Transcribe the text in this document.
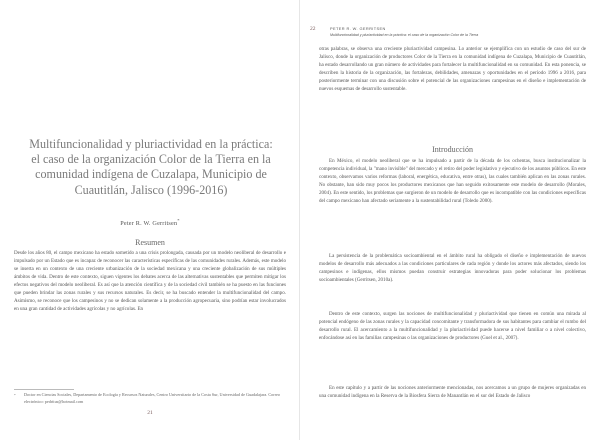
Multifuncionalidad y pluriactividad en la práctica: el caso de la organización Color de la Tierra en la comunidad indígena de Cuzalapa, Municipio de Cuautitlán, Jalisco (1996-2016)
Peter R. W. Gerritsen*
Resumen

Desde los años 80, el campo mexicano ha estado sometido a una crisis prolongada, causada por un modelo neoliberal de desarrollo e impulsado por un Estado que es incapaz de reconocer las características específicas de las comunidades rurales. Además, este modelo se inserta en un contexto de una creciente urbanización de la sociedad mexicana y una creciente globalización de sus múltiples ámbitos de vida. Dentro de este contexto, siguen vigentes los debates acerca de las alternativas sustentables que permiten mitigar los efectos negativos del modelo neoliberal. Es así que la atención científica y de la sociedad civil también se ha puesto en las funciones que pueden brindar las zonas rurales y sus recursos naturales. Es decir, se ha buscado entender la multifuncionalidad del campo. Asimismo, se reconoce que los campesinos y no se dedican solamente a la producción agropecuaria, sino podrían estar involucrados en una gran cantidad de actividades agrícolas y no agrícolas. En

*	Doctor en Ciencias Sociales, Departamento de Ecología y Recursos Naturales, Centro Universitario de la Costa Sur, Universidad de Guadalajara. Correo electrónico: pedritus@hotmail.com

21
22	PETER R. W. GERRITSEN
Multifuncionalidad y pluriactividad en la práctica: el caso de la organización Color de la Tierra

otras palabras, se observa una creciente pluriactividad campesina. Lo anterior se ejemplifica con un estudio de caso del sur de Jalisco, donde la organización de productores Color de la Tierra en la comunidad indígena de Cuzalapa, Municipio de Cuautitlán, ha estado desarrollando un gran número de actividades para fortalecer la multifuncionalidad en su comunidad. En esta ponencia, se describen la historia de la organización, las fortalezas, debilidades, amenazas y oportunidades en el período 1996 a 2016, para posteriormente terminar con una discusión sobre el potencial de las organizaciones campesinas en el diseño e implementación de nuevos esquemas de desarrollo sustentable.

Introducción

En México, el modelo neoliberal que se ha impulsado a partir de la década de los ochentas, busca institucionalizar la competencia individual, la "mano invisible" del mercado y el retiro del poder legislativo y ejecutivo de los asuntos públicos. En este contexto, observamos varios reformas (laboral, energética, educativa, entre otras), las cuales también aplican en las zonas rurales. No obstante, han sido muy pocos los productores mexicanos que han seguido exitosamente este modelo de desarrollo (Morales, 2004). En este sentido, los problemas que surgieron de un modelo de desarrollo que es incompatible con las condiciones específicas del campo mexicano han afectado seriamente a la sustentabilidad rural (Toledo 2000).

La persistencia de la problemática socioambiental en el ámbito rural ha obligado el diseño e implementación de nuevos modelos de desarrollo más adecuados a las condiciones particulares de cada región y donde los actores más afectados, siendo los campesinos e indígenas, ellos mismos puedan construir estrategias innovadoras para poder solucionar los problemas socioambientales (Gerritsen, 2010a).

Dentro de este contexto, surgen las nociones de multifuncionalidad y pluriactividad que tienen en común una mirada al potencial endógeno de las zonas rurales y la capacidad concomitante y transformadora de sus habitantes para cambiar el rumbo del desarrollo rural. El acercamiento a la multifuncionalidad y la pluriactividad puede hacerse a nivel familiar o a nivel colectivo, enfocándose así en las familias campesinas o las organizaciones de productores (Guel et al., 2007).

En este capítulo y a partir de las nociones anteriormente mencionadas, nos acercamos a un grupo de mujeres organizadas en una comunidad indígena en la Reserva de la Biosfera Sierra de Manantlán en el sur del Estado de Jalisco
